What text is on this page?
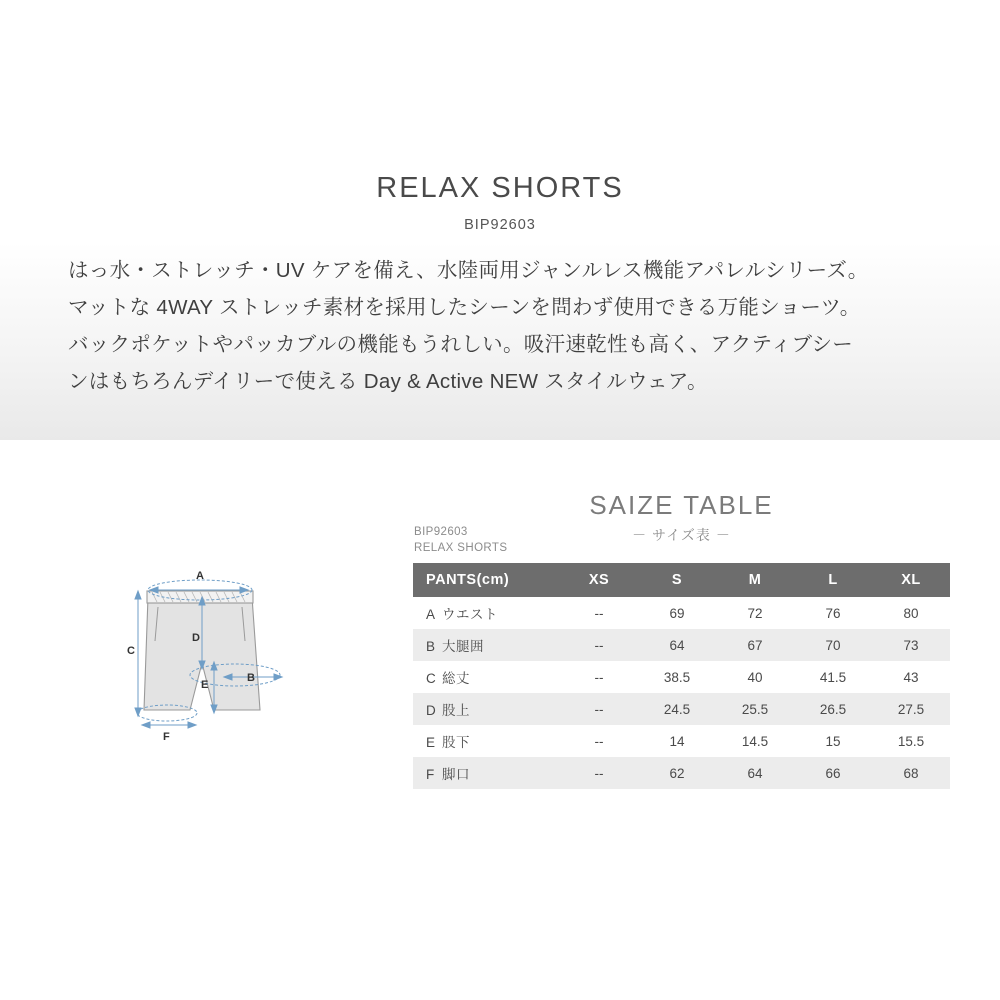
RELAX SHORTS
BIP92603

はっ水・ストレッチ・UV ケアを備え、水陸両用ジャンルレス機能アパレルシリーズ。

マットな 4WAY ストレッチ素材を採用したシーンを問わず使用できる万能ショーツ。

バックポケットやパッカブルの機能もうれしい。吸汗速乾性も高く、アクティブシー

ンはもちろんデイリーで使える Day & Active NEW スタイルウェア。

SAIZE TABLE
－ サイズ表 －
BIP92603
RELAX SHORTS
PANTS(cm)	XS	S	M	L	XL
A ウエスト	--	69	72	76	80
B 大腿囲	--	64	67	70	73
C 総丈	--	38.5	40	41.5	43
D 股上	--	24.5	25.5	26.5	27.5
E 股下	--	14	14.5	15	15.5
F 脚口	--	62	64	66	68
A
B
C
D
E
F
